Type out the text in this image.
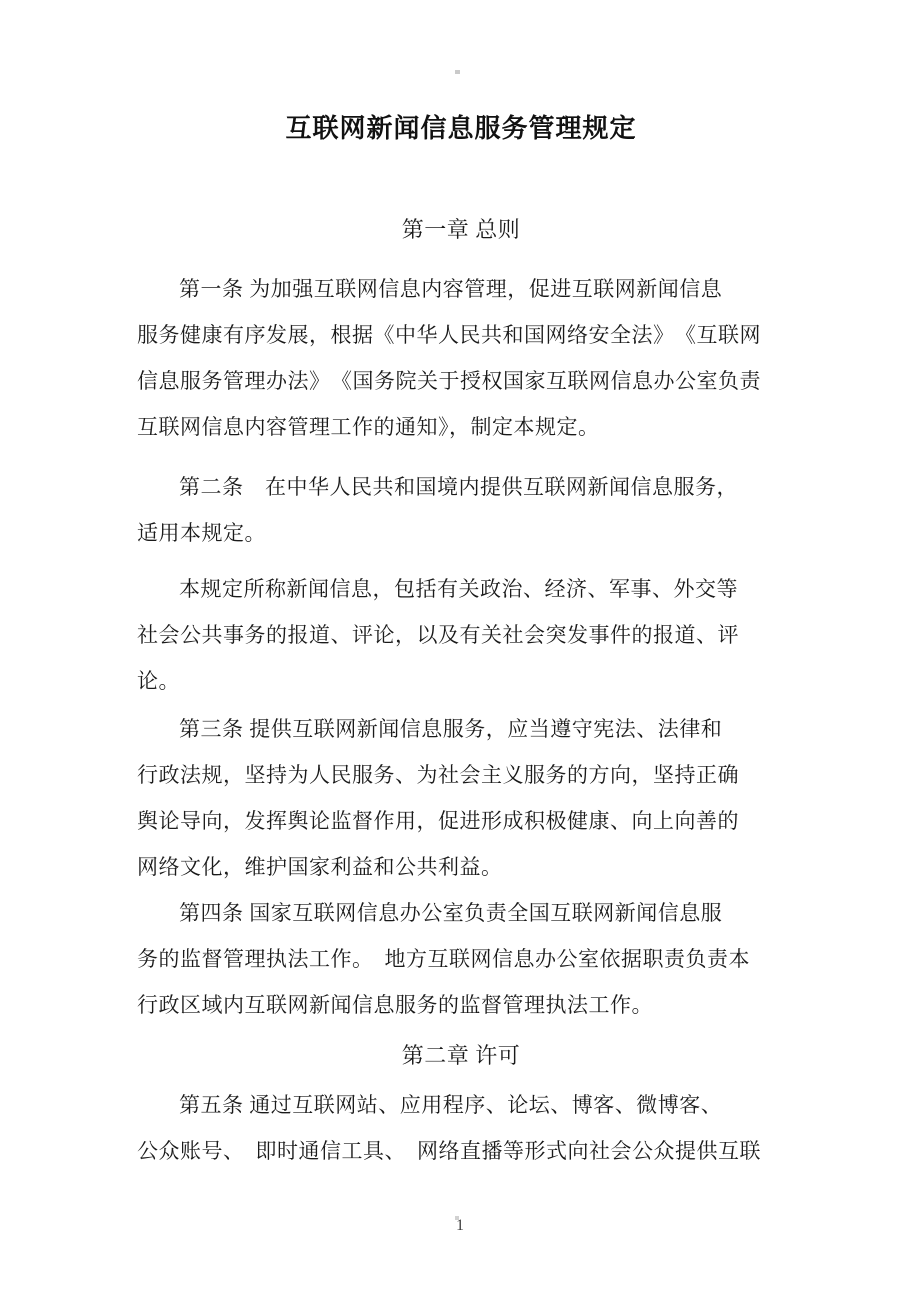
互联网新闻信息服务管理规定
第一章 总则
第一条 为加强互联网信息内容管理，促进互联网新闻信息
服务健康有序发展，根据《中华人民共和国网络安全法》　《互联网
信息服务管理办法》　《国务院关于授权国家互联网信息办公室负责
互联网信息内容管理工作的通知》，制定本规定。
第二条　在中华人民共和国境内提供互联网新闻信息服务，
适用本规定。
本规定所称新闻信息，包括有关政治、经济、军事、外交等
社会公共事务的报道、评论，以及有关社会突发事件的报道、评
论。
第三条 提供互联网新闻信息服务，应当遵守宪法、法律和
行政法规，坚持为人民服务、为社会主义服务的方向，坚持正确
舆论导向，发挥舆论监督作用，促进形成积极健康、向上向善的
网络文化，维护国家利益和公共利益。
第四条 国家互联网信息办公室负责全国互联网新闻信息服
务的监督管理执法工作。　地方互联网信息办公室依据职责负责本
行政区域内互联网新闻信息服务的监督管理执法工作。
第二章 许可
第五条 通过互联网站、应用程序、论坛、博客、微博客、
公众账号、　即时通信工具、　网络直播等形式向社会公众提供互联
1
